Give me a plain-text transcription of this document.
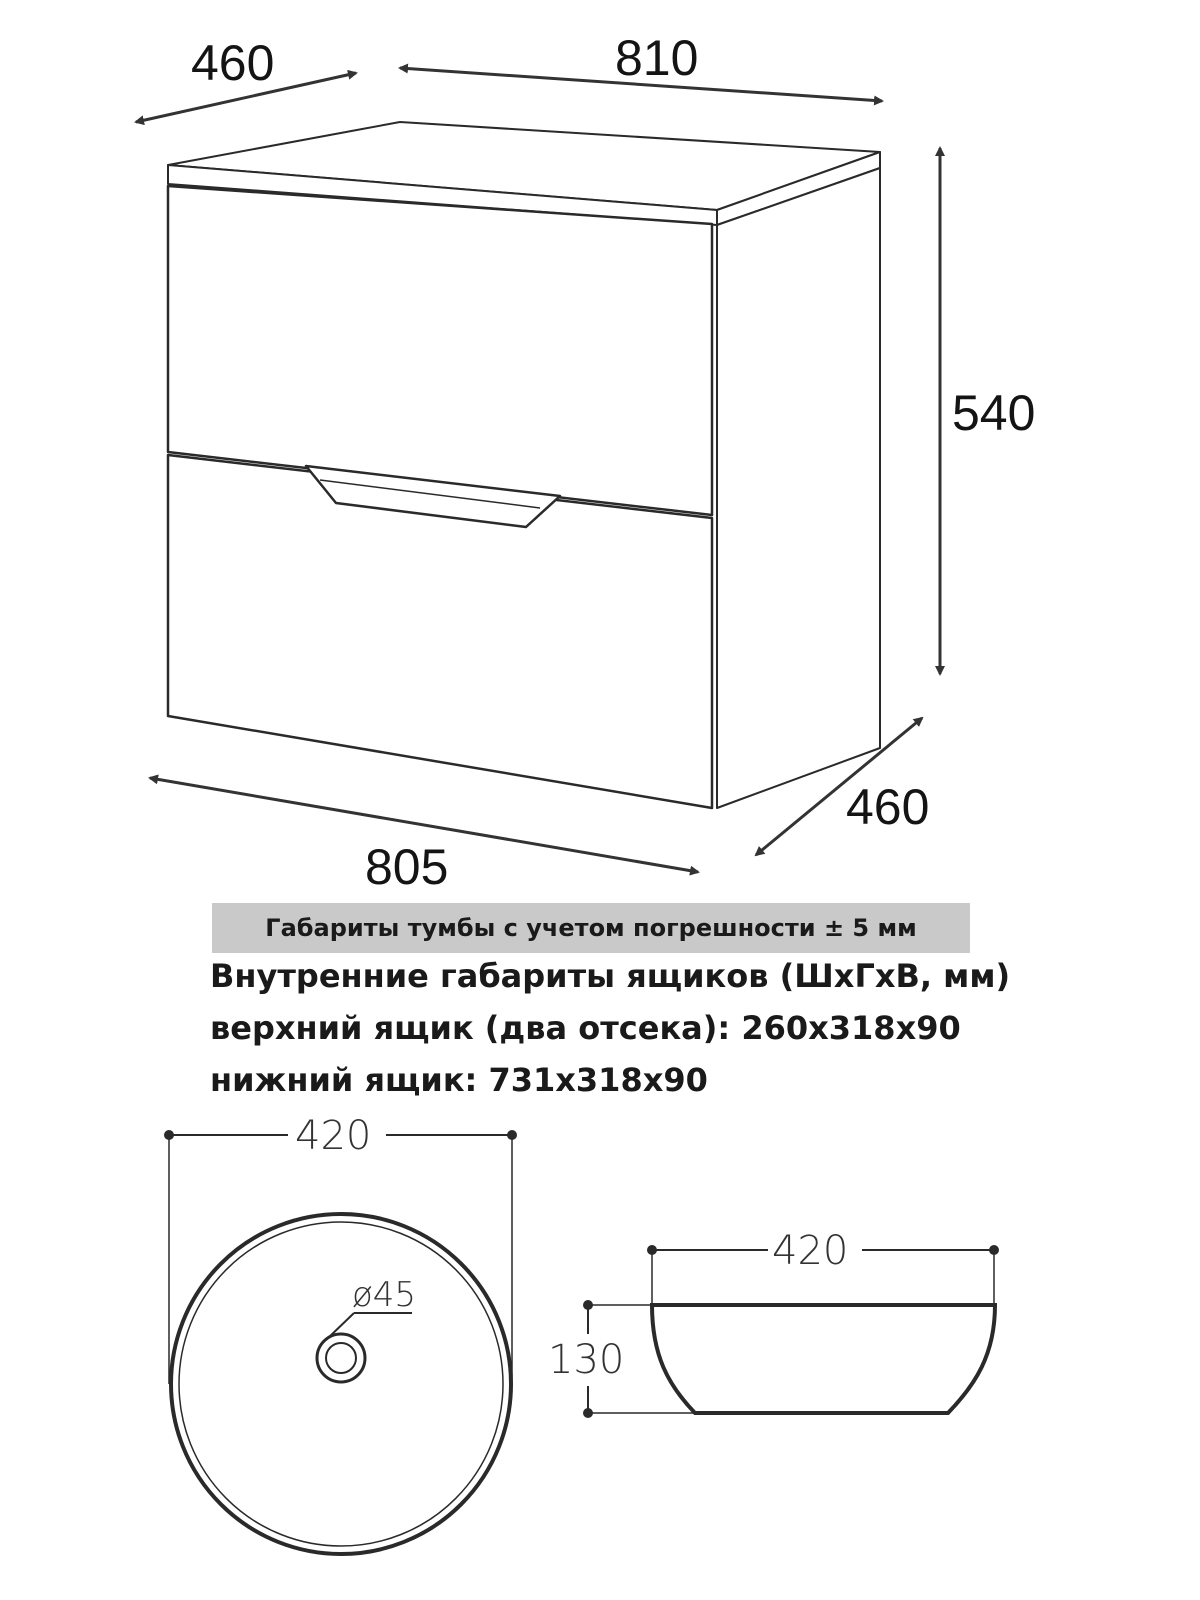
460	810
540
460
805
Габариты тумбы с учетом погрешности ± 5 мм
Внутренние габариты ящиков (ШхГхВ, мм)
верхний ящик (два отсека): 260х318х90
нижний ящик: 731х318х90
420
ø45
420
130
